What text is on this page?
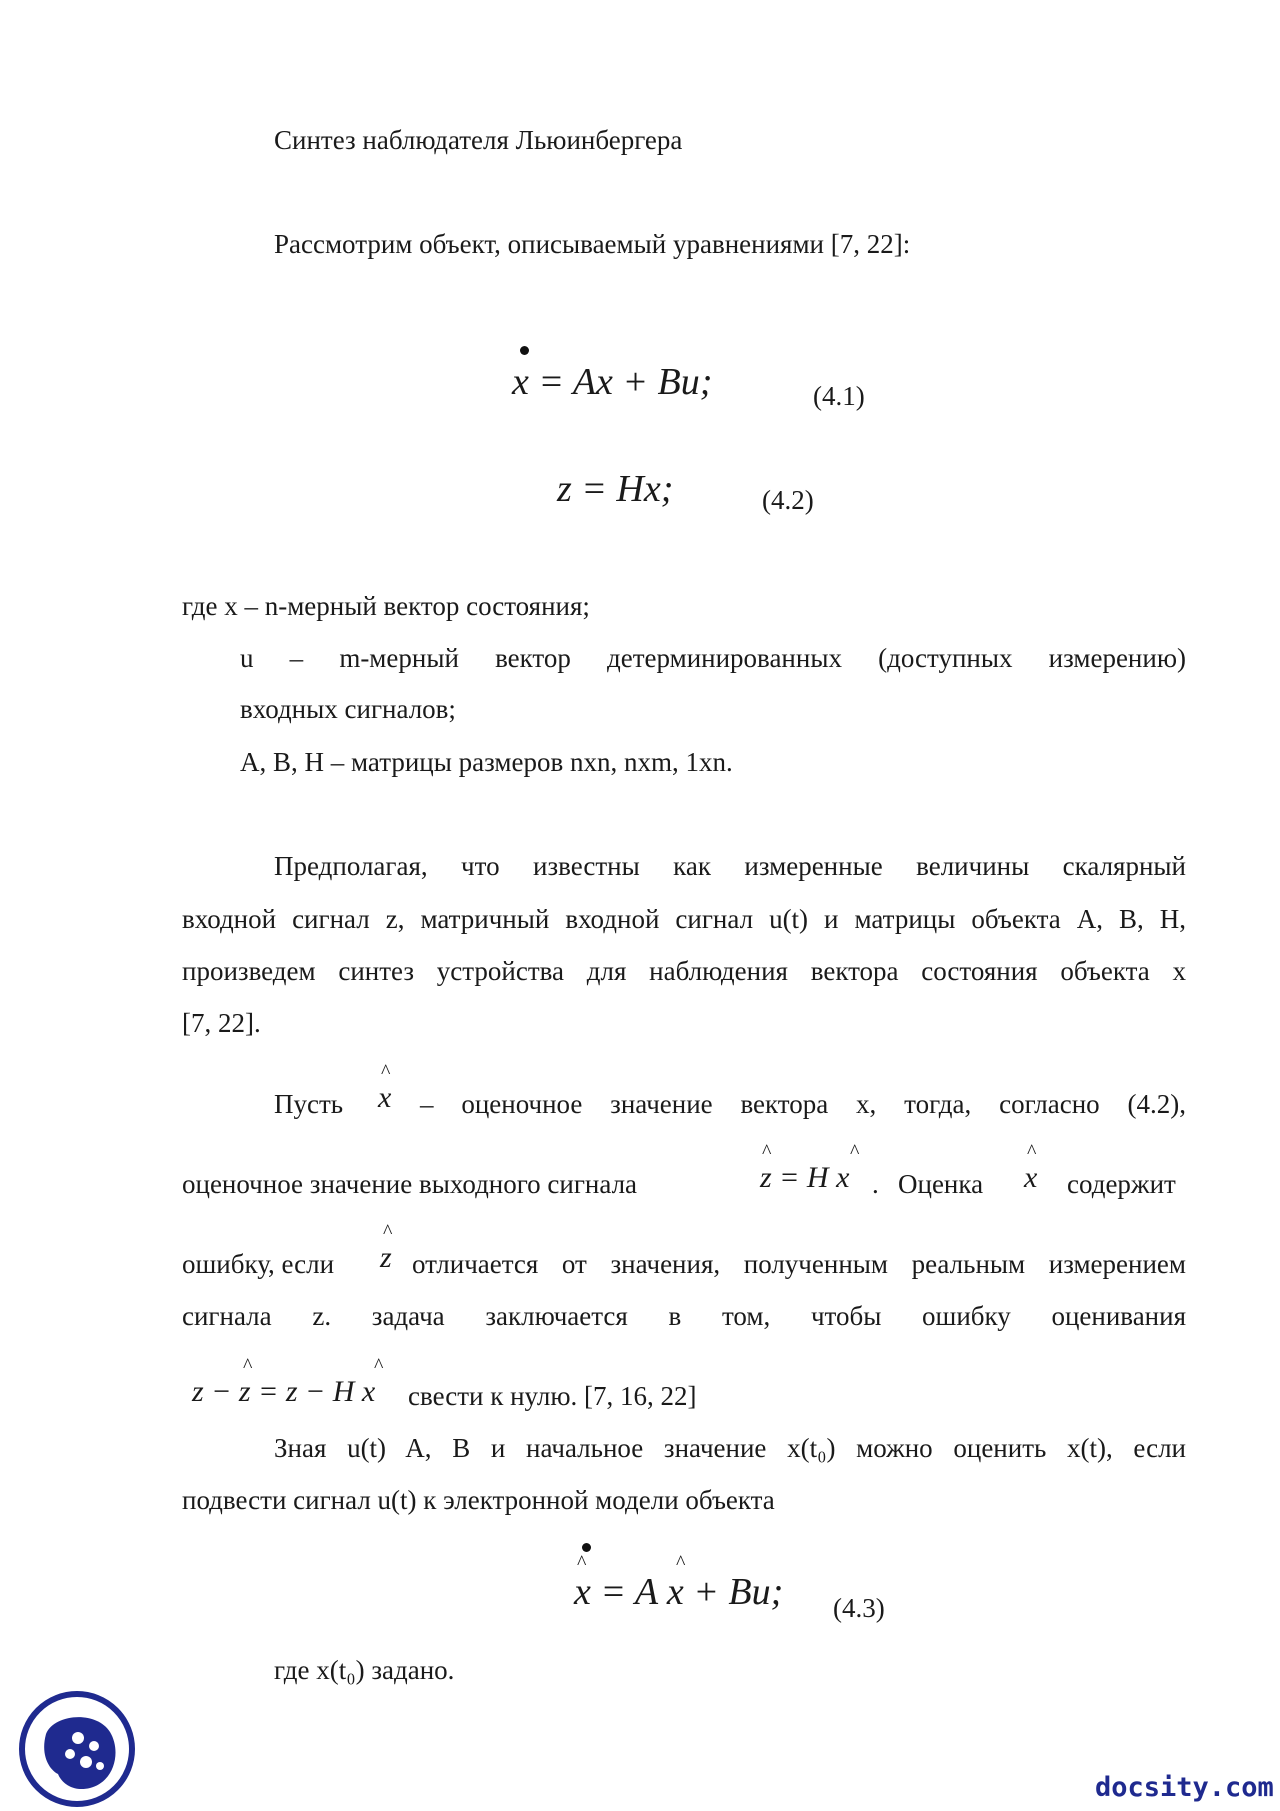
Синтез наблюдателя Льюинбергера
Рассмотрим объект, описываемый уравнениями [7, 22]:
x = Ax + Bu;	(4.1)
z = Hx;	(4.2)
где x – n-мерный вектор состояния;
u – m-мерный вектор детерминированных (доступных измерению)
входных сигналов;
A, B, H – матрицы размеров nxn, nxm, 1xn.
Предполагая, что известны как измеренные величины скалярный
входной сигнал z, матричный входной сигнал u(t) и матрицы объекта A, B, H,
произведем синтез устройства для наблюдения вектора состояния объекта x
[7, 22].
Пусть
^
x – оценочное значение вектора x, тогда, согласно (4.2),
оценочное значение выходного сигнала
^	^
z = H x . Оценка
^
x содержит
ошибку, если
^
z отличается от значения, полученным реальным измерением
сигнала z. задача заключается в том, чтобы ошибку оценивания
^	^
z − z = z − H x свести к нулю. [7, 16, 22]
Зная u(t) A, B и начальное значение x(t₀) можно оценить x(t), если
подвести сигнал u(t) к электронной модели объекта
^	^
x = A x + Bu; (4.3)
где x(t₀) задано.
docsity.com
